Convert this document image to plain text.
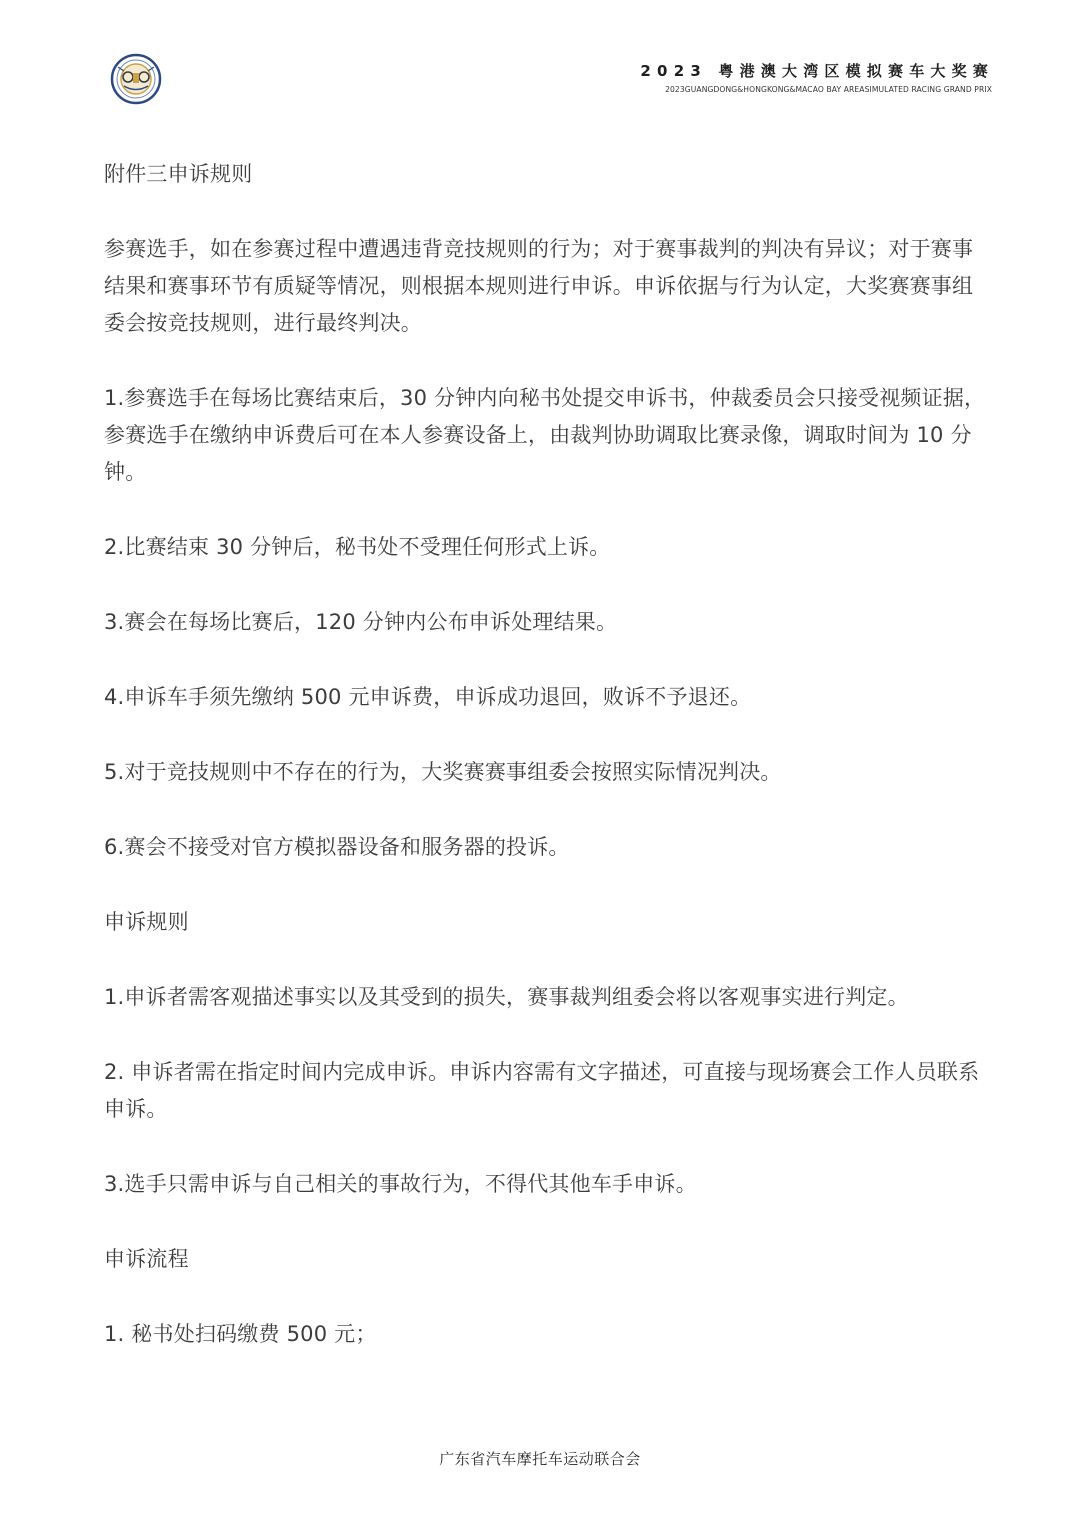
2023 粤港澳大湾区模拟赛车大奖赛
2023GUANGDONG&HONGKONG&MACAO BAY AREASIMULATED RACING GRAND PRIX

附件三申诉规则

参赛选手，如在参赛过程中遭遇违背竞技规则的行为；对于赛事裁判的判决有异议；对于赛事结果和赛事环节有质疑等情况，则根据本规则进行申诉。申诉依据与行为认定，大奖赛赛事组委会按竞技规则，进行最终判决。

1.参赛选手在每场比赛结束后，30 分钟内向秘书处提交申诉书，仲裁委员会只接受视频证据，参赛选手在缴纳申诉费后可在本人参赛设备上，由裁判协助调取比赛录像，调取时间为 10 分钟。

2.比赛结束 30 分钟后，秘书处不受理任何形式上诉。

3.赛会在每场比赛后，120 分钟内公布申诉处理结果。

4.申诉车手须先缴纳 500 元申诉费，申诉成功退回，败诉不予退还。

5.对于竞技规则中不存在的行为，大奖赛赛事组委会按照实际情况判决。

6.赛会不接受对官方模拟器设备和服务器的投诉。

申诉规则

1.申诉者需客观描述事实以及其受到的损失，赛事裁判组委会将以客观事实进行判定。

2. 申诉者需在指定时间内完成申诉。申诉内容需有文字描述，可直接与现场赛会工作人员联系申诉。

3.选手只需申诉与自己相关的事故行为，不得代其他车手申诉。

申诉流程

1. 秘书处扫码缴费 500 元；

广东省汽车摩托车运动联合会
